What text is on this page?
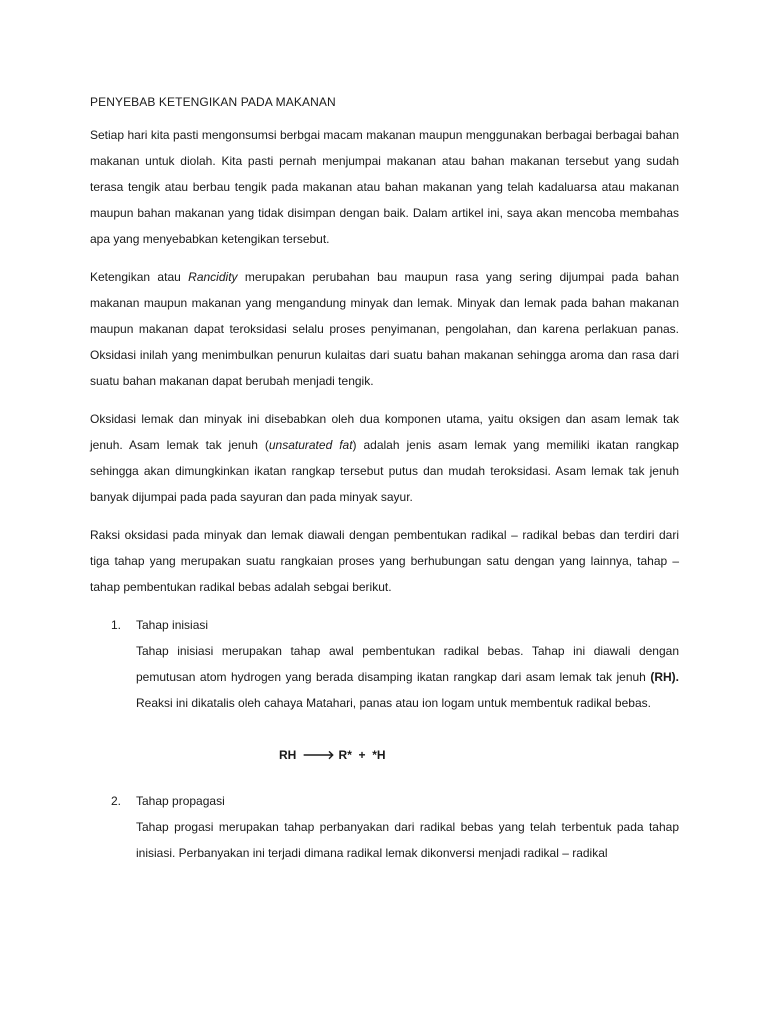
PENYEBAB KETENGIKAN PADA MAKANAN

Setiap hari kita pasti mengonsumsi berbgai macam makanan maupun menggunakan berbagai berbagai bahan makanan untuk diolah. Kita pasti pernah menjumpai makanan atau bahan makanan tersebut yang sudah terasa tengik atau berbau tengik pada makanan atau bahan makanan yang telah kadaluarsa atau makanan maupun bahan makanan yang tidak disimpan dengan baik. Dalam artikel ini, saya akan mencoba membahas apa yang menyebabkan ketengikan tersebut.

Ketengikan atau Rancidity merupakan perubahan bau maupun rasa yang sering dijumpai pada bahan makanan maupun makanan yang mengandung minyak dan lemak. Minyak dan lemak pada bahan makanan maupun makanan dapat teroksidasi selalu proses penyimanan, pengolahan, dan karena perlakuan panas. Oksidasi inilah yang menimbulkan penurun kulaitas dari suatu bahan makanan sehingga aroma dan rasa dari suatu bahan makanan dapat berubah menjadi tengik.

Oksidasi lemak dan minyak ini disebabkan oleh dua komponen utama, yaitu oksigen dan asam lemak tak jenuh. Asam lemak tak jenuh (unsaturated fat) adalah jenis asam lemak yang memiliki ikatan rangkap sehingga akan dimungkinkan ikatan rangkap tersebut putus dan mudah teroksidasi. Asam lemak tak jenuh banyak dijumpai pada pada sayuran dan pada minyak sayur.

Raksi oksidasi pada minyak dan lemak diawali dengan pembentukan radikal – radikal bebas dan terdiri dari tiga tahap yang merupakan suatu rangkaian proses yang berhubungan satu dengan yang lainnya, tahap – tahap pembentukan radikal bebas adalah sebgai berikut.

1. Tahap inisiasi
Tahap inisiasi merupakan tahap awal pembentukan radikal bebas. Tahap ini diawali dengan pemutusan atom hydrogen yang berada disamping ikatan rangkap dari asam lemak tak jenuh (RH). Reaksi ini dikatalis oleh cahaya Matahari, panas atau ion logam untuk membentuk radikal bebas.
RH 🡒 R*  +  *H
2. Tahap propagasi
Tahap progasi merupakan tahap perbanyakan dari radikal bebas yang telah terbentuk pada tahap inisiasi. Perbanyakan ini terjadi dimana radikal lemak dikonversi menjadi radikal – radikal
